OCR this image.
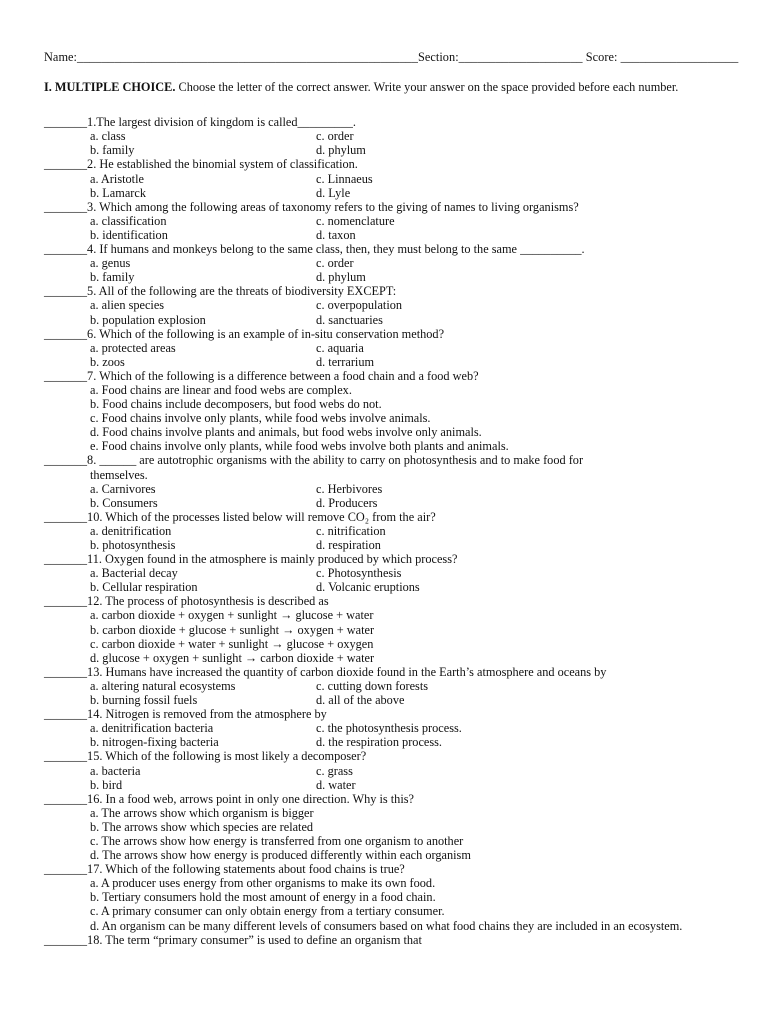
Name:_______________________________________________________Section:____________________ Score: ___________________
I. MULTIPLE CHOICE. Choose the letter of the correct answer. Write your answer on the space provided before each number.
_______1.The largest division of kingdom is called_________.
a. class	c. order
b. family	d. phylum
_______2. He established the binomial system of classification.
a. Aristotle	c. Linnaeus
b. Lamarck	d. Lyle
_______3. Which among the following areas of taxonomy refers to the giving of names to living organisms?
a. classification	c. nomenclature
b. identification	d. taxon
_______4. If humans and monkeys belong to the same class, then, they must belong to the same __________.
a. genus	c. order
b. family	d. phylum
_______5. All of the following are the threats of biodiversity EXCEPT:
a. alien species	c. overpopulation
b. population explosion	d. sanctuaries
_______6. Which of the following is an example of in-situ conservation method?
a. protected areas	c. aquaria
b. zoos	d. terrarium
_______7. Which of the following is a difference between a food chain and a food web?
a. Food chains are linear and food webs are complex.
b. Food chains include decomposers, but food webs do not.
c. Food chains involve only plants, while food webs involve animals.
d. Food chains involve plants and animals, but food webs involve only animals.
e. Food chains involve only plants, while food webs involve both plants and animals.
_______8. ______ are autotrophic organisms with the ability to carry on photosynthesis and to make food for
themselves.
a. Carnivores	c. Herbivores
b. Consumers	d. Producers
_______10. Which of the processes listed below will remove CO₂ from the air?
a. denitrification	c. nitrification
b. photosynthesis	d. respiration
_______11. Oxygen found in the atmosphere is mainly produced by which process?
a. Bacterial decay	c. Photosynthesis
b. Cellular respiration	d. Volcanic eruptions
_______12. The process of photosynthesis is described as
a. carbon dioxide + oxygen + sunlight → glucose + water
b. carbon dioxide + glucose + sunlight → oxygen + water
c. carbon dioxide + water + sunlight → glucose + oxygen
d. glucose + oxygen + sunlight → carbon dioxide + water
_______13. Humans have increased the quantity of carbon dioxide found in the Earth’s atmosphere and oceans by
a. altering natural ecosystems	c. cutting down forests
b. burning fossil fuels	d. all of the above
_______14. Nitrogen is removed from the atmosphere by
a. denitrification bacteria	c. the photosynthesis process.
b. nitrogen-fixing bacteria	d. the respiration process.
_______15. Which of the following is most likely a decomposer?
a. bacteria	c. grass
b. bird	d. water
_______16. In a food web, arrows point in only one direction. Why is this?
a. The arrows show which organism is bigger
b. The arrows show which species are related
c. The arrows show how energy is transferred from one organism to another
d. The arrows show how energy is produced differently within each organism
_______17. Which of the following statements about food chains is true?
a. A producer uses energy from other organisms to make its own food.
b. Tertiary consumers hold the most amount of energy in a food chain.
c. A primary consumer can only obtain energy from a tertiary consumer.
d. An organism can be many different levels of consumers based on what food chains they are included in an ecosystem.
_______18. The term “primary consumer” is used to define an organism that
